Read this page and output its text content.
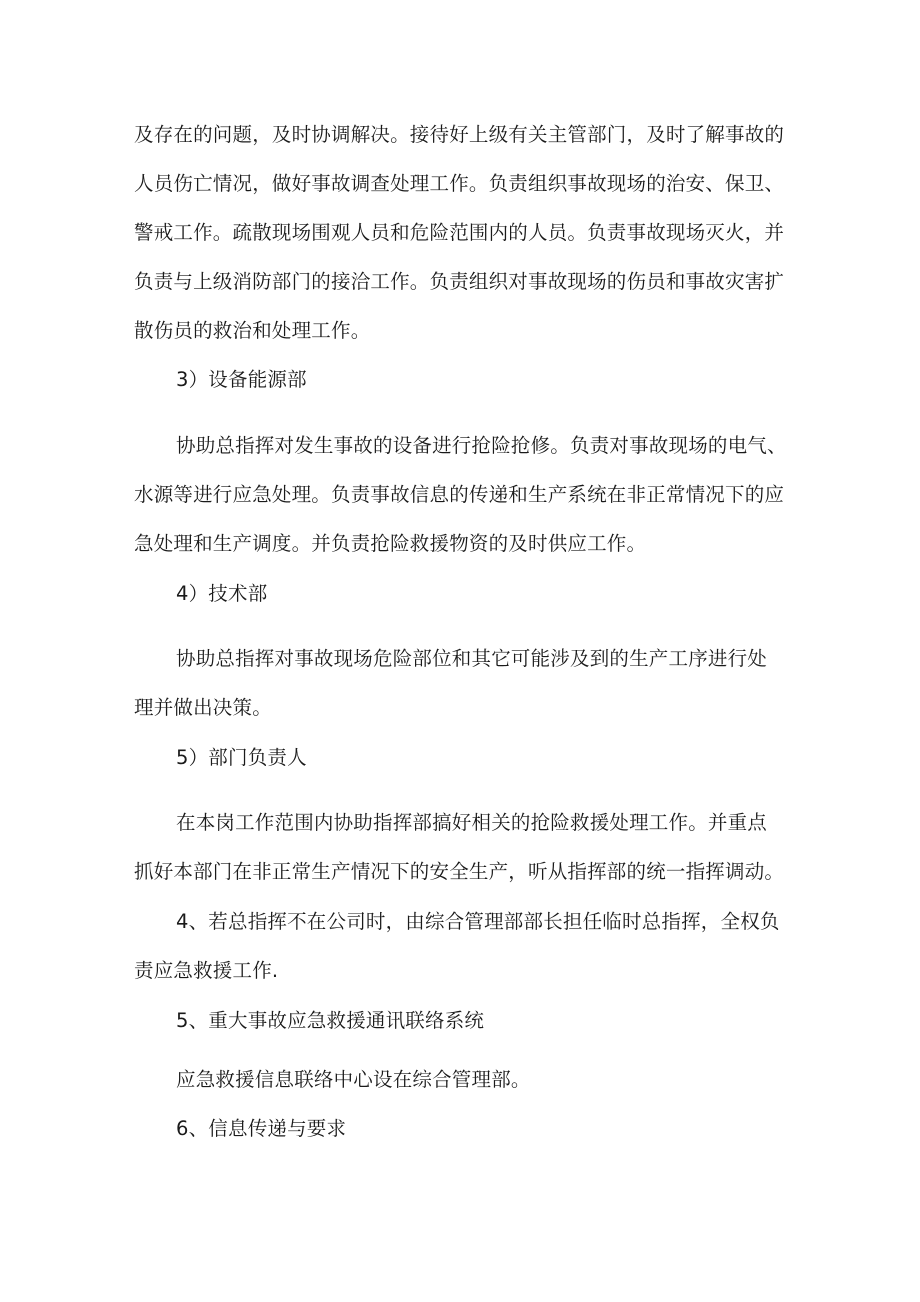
及存在的问题，及时协调解决。接待好上级有关主管部门，及时了解事故的
人员伤亡情况，做好事故调查处理工作。负责组织事故现场的治安、保卫、
警戒工作。疏散现场围观人员和危险范围内的人员。负责事故现场灭火，并
负责与上级消防部门的接洽工作。负责组织对事故现场的伤员和事故灾害扩
散伤员的救治和处理工作。
3）设备能源部
协助总指挥对发生事故的设备进行抢险抢修。负责对事故现场的电气、
水源等进行应急处理。负责事故信息的传递和生产系统在非正常情况下的应
急处理和生产调度。并负责抢险救援物资的及时供应工作。
4）技术部
协助总指挥对事故现场危险部位和其它可能涉及到的生产工序进行处
理并做出决策。
5）部门负责人
在本岗工作范围内协助指挥部搞好相关的抢险救援处理工作。并重点
抓好本部门在非正常生产情况下的安全生产，听从指挥部的统一指挥调动。
4、若总指挥不在公司时，由综合管理部部长担任临时总指挥，全权负
责应急救援工作.
5、重大事故应急救援通讯联络系统
应急救援信息联络中心设在综合管理部。
6、信息传递与要求
